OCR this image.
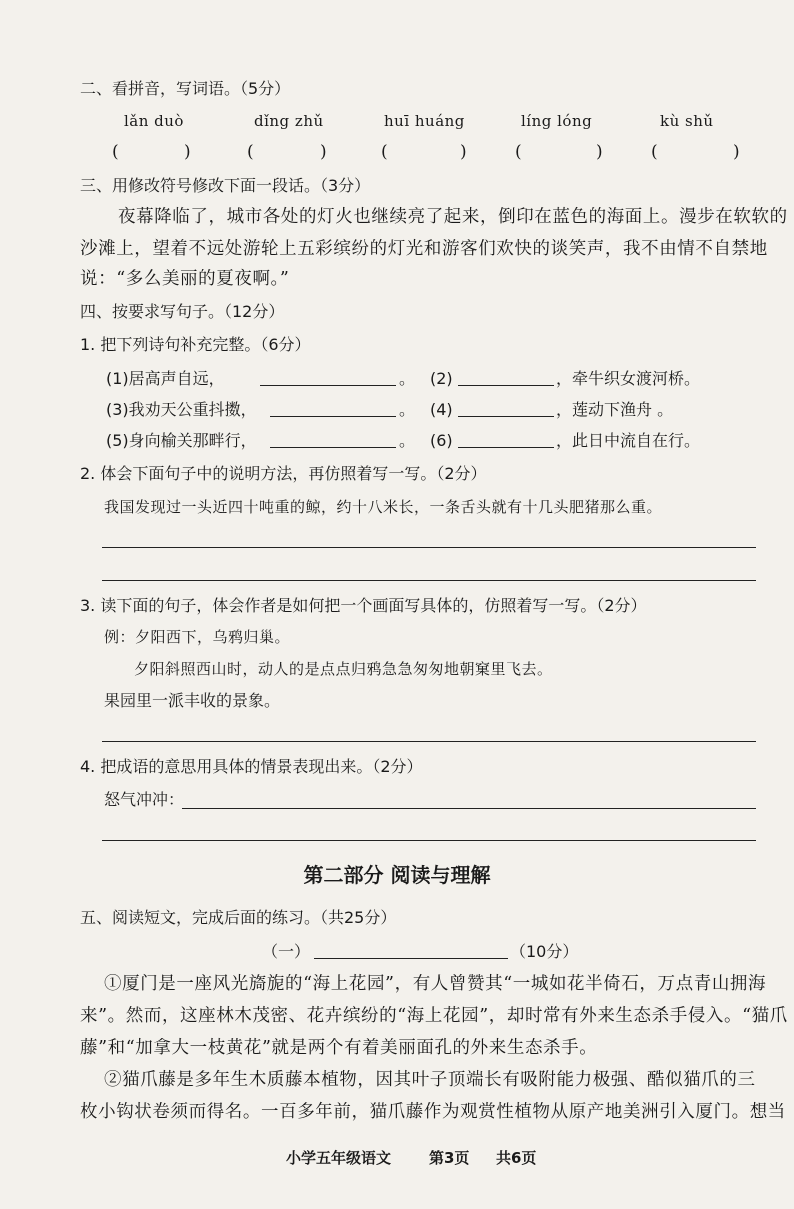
二、看拼音，写词语。（5分）
lǎn duò	dǐng zhǔ	huī huáng	líng lóng	kù shǔ
(	)	(	)	(	)	(	)	(	)
三、用修改符号修改下面一段话。（3分）
夜幕降临了，城市各处的灯火也继续亮了起来，倒印在蓝色的海面上。漫步在软软的
沙滩上，望着不远处游轮上五彩缤纷的灯光和游客们欢快的谈笑声，我不由情不自禁地
说：“多么美丽的夏夜啊。”
四、按要求写句子。（12分）
1. 把下列诗句补充完整。（6分）
(1)居高声自远，	。 (2)	，牵牛织女渡河桥。
(3)我劝天公重抖擞，	。 (4)	，莲动下渔舟 。
(5)身向榆关那畔行，	。 (6)	，此日中流自在行。
2. 体会下面句子中的说明方法，再仿照着写一写。（2分）
我国发现过一头近四十吨重的鲸，约十八米长，一条舌头就有十几头肥猪那么重。
3. 读下面的句子，体会作者是如何把一个画面写具体的，仿照着写一写。（2分）
例：夕阳西下，乌鸦归巢。
夕阳斜照西山时，动人的是点点归鸦急急匆匆地朝窠里飞去。
果园里一派丰收的景象。
4. 把成语的意思用具体的情景表现出来。（2分）
怒气冲冲：
第二部分 阅读与理解
五、阅读短文，完成后面的练习。（共25分）
（一）	（10分）
①厦门是一座风光旖旎的“海上花园”，有人曾赞其“一城如花半倚石，万点青山拥海
来”。然而，这座林木茂密、花卉缤纷的“海上花园”，却时常有外来生态杀手侵入。“猫爪
藤”和“加拿大一枝黄花”就是两个有着美丽面孔的外来生态杀手。
②猫爪藤是多年生木质藤本植物，因其叶子顶端长有吸附能力极强、酷似猫爪的三
枚小钩状卷须而得名。一百多年前，猫爪藤作为观赏性植物从原产地美洲引入厦门。想当
小学五年级语文	第3页 共6页
